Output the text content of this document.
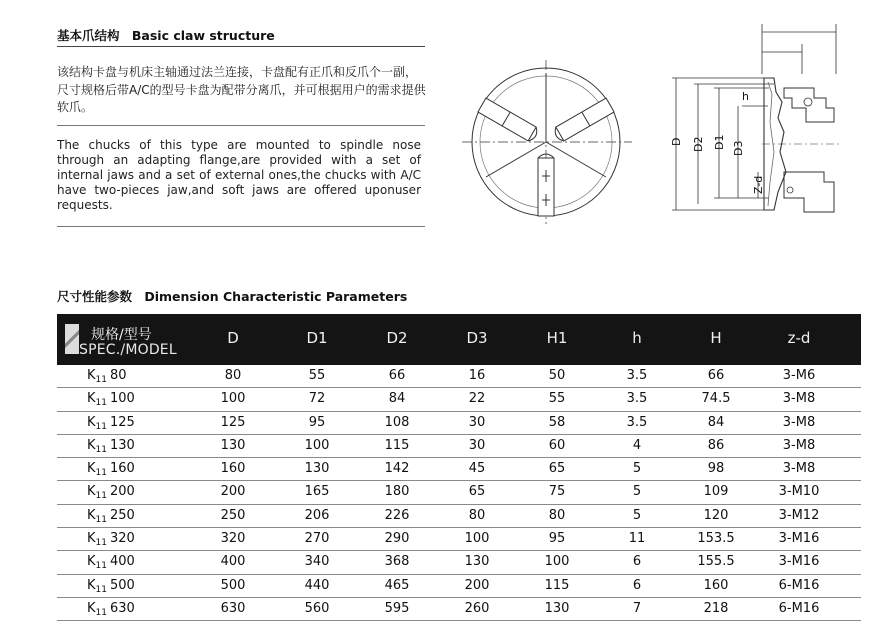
基本爪结构 Basic claw structure
该结构卡盘与机床主轴通过法兰连接，卡盘配有正爪和反爪个一副，尺寸规格后带A/C的型号卡盘为配带分离爪，并可根据用户的需求提供软爪。
The chucks of this type are mounted to spindle nose through an adapting flange,are provided with a set of internal jaws and a set of external ones,the chucks with A/C have two-pieces jaw,and soft jaws are offered uponuser requests.
D D2 D1 D3
Z-d
h
尺寸性能参数 Dimension Characteristic Parameters
规格/型号
SPEC./MODEL
D	D1	D2	D3	H1	h	H	z-d
$K_{11}$ 80	80	55	66	16	50	3.5	66	3-M6
$K_{11}$ 100	100	72	84	22	55	3.5	74.5	3-M8
$K_{11}$ 125	125	95	108	30	58	3.5	84	3-M8
$K_{11}$ 130	130	100	115	30	60	4	86	3-M8
$K_{11}$ 160	160	130	142	45	65	5	98	3-M8
$K_{11}$ 200	200	165	180	65	75	5	109	3-M10
$K_{11}$ 250	250	206	226	80	80	5	120	3-M12
$K_{11}$ 320	320	270	290	100	95	11	153.5	3-M16
$K_{11}$ 400	400	340	368	130	100	6	155.5	3-M16
$K_{11}$ 500	500	440	465	200	115	6	160	6-M16
$K_{11}$ 630	630	560	595	260	130	7	218	6-M16
